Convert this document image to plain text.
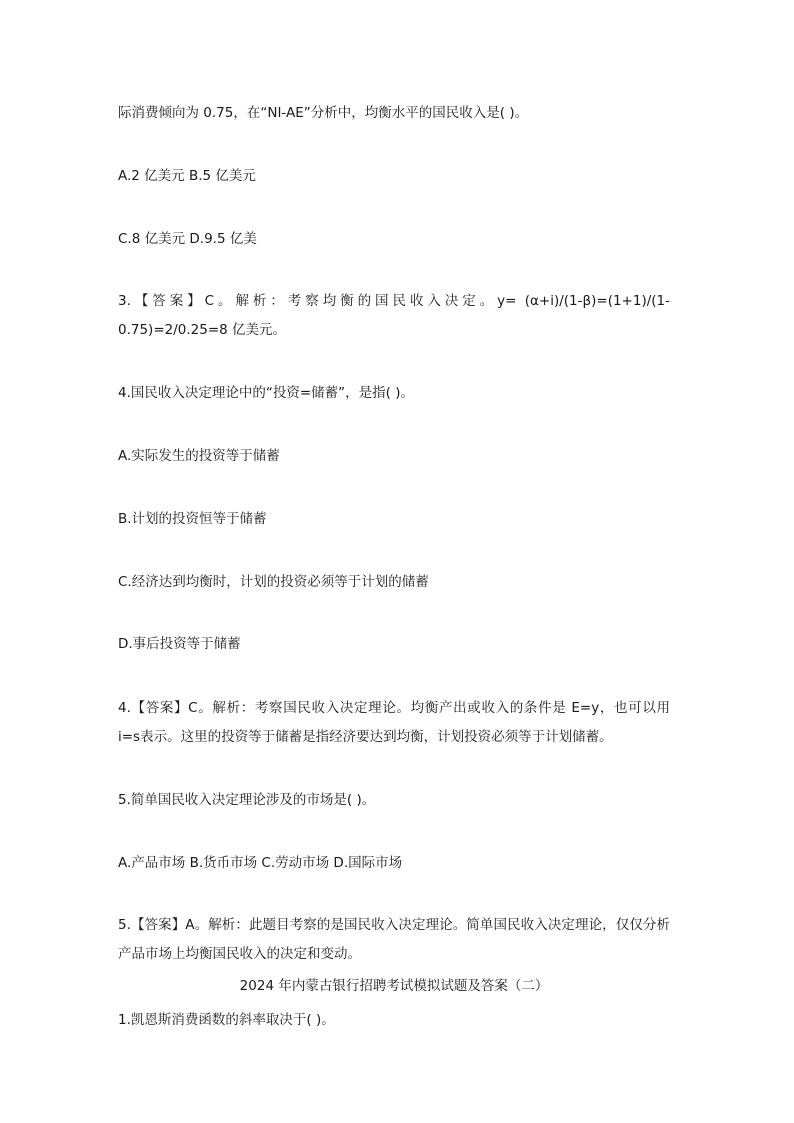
际消费倾向为 0.75，在“NI-AE”分析中，均衡水平的国民收入是( )。
A.2 亿美元 B.5 亿美元
C.8 亿美元 D.9.5 亿美
3.【答案】C。解析：考察均衡的国民收入决定。y= (α+i)/(1-β)=(1+1)/(1-0.75)=2/0.25=8 亿美元。
4.国民收入决定理论中的“投资=储蓄”，是指( )。
A.实际发生的投资等于储蓄
B.计划的投资恒等于储蓄
C.经济达到均衡时，计划的投资必须等于计划的储蓄
D.事后投资等于储蓄
4.【答案】C。解析：考察国民收入决定理论。均衡产出或收入的条件是 E=y，也可以用 i=s表示。这里的投资等于储蓄是指经济要达到均衡，计划投资必须等于计划储蓄。
5.简单国民收入决定理论涉及的市场是( )。
A.产品市场 B.货币市场 C.劳动市场 D.国际市场
5.【答案】A。解析：此题目考察的是国民收入决定理论。简单国民收入决定理论，仅仅分析产品市场上均衡国民收入的决定和变动。
2024 年内蒙古银行招聘考试模拟试题及答案（二）
1.凯恩斯消费函数的斜率取决于( )。
